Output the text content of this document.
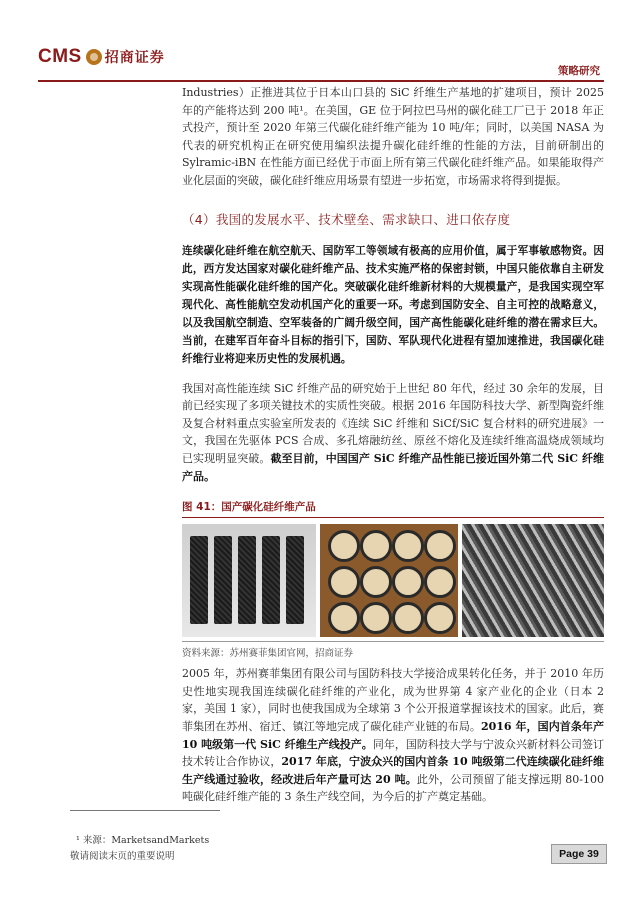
CMS 招商证券
策略研究

Industries）正推进其位于日本山口县的 SiC 纤维生产基地的扩建项目，预计 2025 年的产能将达到 200 吨¹。在美国，GE 位于阿拉巴马州的碳化硅工厂已于 2018 年正式投产，预计至 2020 年第三代碳化硅纤维产能为 10 吨/年；同时，以美国 NASA 为代表的研究机构正在研究使用编织法提升碳化硅纤维的性能的方法，目前研制出的 Sylramic-iBN 在性能方面已经优于市面上所有第三代碳化硅纤维产品。如果能取得产业化层面的突破，碳化硅纤维应用场景有望进一步拓宽，市场需求将得到提振。

（4）我国的发展水平、技术壁垒、需求缺口、进口依存度

连续碳化硅纤维在航空航天、国防军工等领域有极高的应用价值，属于军事敏感物资。因此，西方发达国家对碳化硅纤维产品、技术实施严格的保密封锁，中国只能依靠自主研发实现高性能碳化硅纤维的国产化。突破碳化硅纤维新材料的大规模量产，是我国实现空军现代化、高性能航空发动机国产化的重要一环。考虑到国防安全、自主可控的战略意义，以及我国航空制造、空军装备的广阔升级空间，国产高性能碳化硅纤维的潜在需求巨大。当前，在建军百年奋斗目标的指引下，国防、军队现代化进程有望加速推进，我国碳化硅纤维行业将迎来历史性的发展机遇。

我国对高性能连续 SiC 纤维产品的研究始于上世纪 80 年代，经过 30 余年的发展，目前已经实现了多项关键技术的实质性突破。根据 2016 年国防科技大学、新型陶瓷纤维及复合材料重点实验室所发表的《连续 SiC 纤维和 SiCf/SiC 复合材料的研究进展》一文，我国在先驱体 PCS 合成、多孔熔融纺丝、原丝不熔化及连续纤维高温烧成领域均已实现明显突破。截至目前，中国国产 SiC 纤维产品性能已接近国外第二代 SiC 纤维产品。

图 41：国产碳化硅纤维产品
资料来源：苏州赛菲集团官网，招商证券

2005 年，苏州赛菲集团有限公司与国防科技大学接洽成果转化任务，并于 2010 年历史性地实现我国连续碳化硅纤维的产业化，成为世界第 4 家产业化的企业（日本 2 家，美国 1 家），同时也使我国成为全球第 3 个公开报道掌握该技术的国家。此后，赛菲集团在苏州、宿迁、镇江等地完成了碳化硅产业链的布局。2016 年，国内首条年产 10 吨级第一代 SiC 纤维生产线投产。同年，国防科技大学与宁波众兴新材料公司签订技术转让合作协议，2017 年底，宁波众兴的国内首条 10 吨级第二代连续碳化硅纤维生产线通过验收，经改进后年产量可达 20 吨。此外，公司预留了能支撑远期 80-100 吨碳化硅纤维产能的 3 条生产线空间，为今后的扩产奠定基础。

¹ 来源：MarketsandMarkets
敬请阅读末页的重要说明	Page 39
